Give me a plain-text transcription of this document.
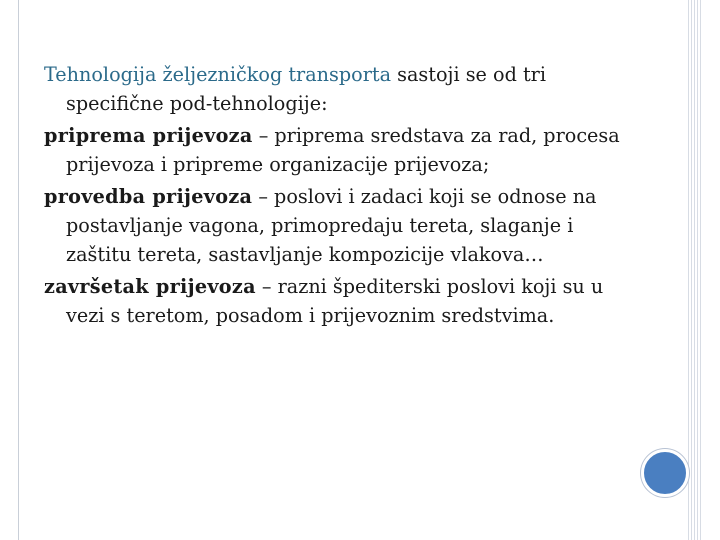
Tehnologija željezničkog transporta sastoji se od tri specifične pod-tehnologije:

priprema prijevoza – priprema sredstava za rad, procesa prijevoza i pripreme organizacije prijevoza;

provedba prijevoza – poslovi i zadaci koji se odnose na postavljanje vagona, primopredaju tereta, slaganje i zaštitu tereta, sastavljanje kompozicije vlakova…

završetak prijevoza – razni špediterski poslovi koji su u vezi s teretom, posadom i prijevoznim sredstvima.
